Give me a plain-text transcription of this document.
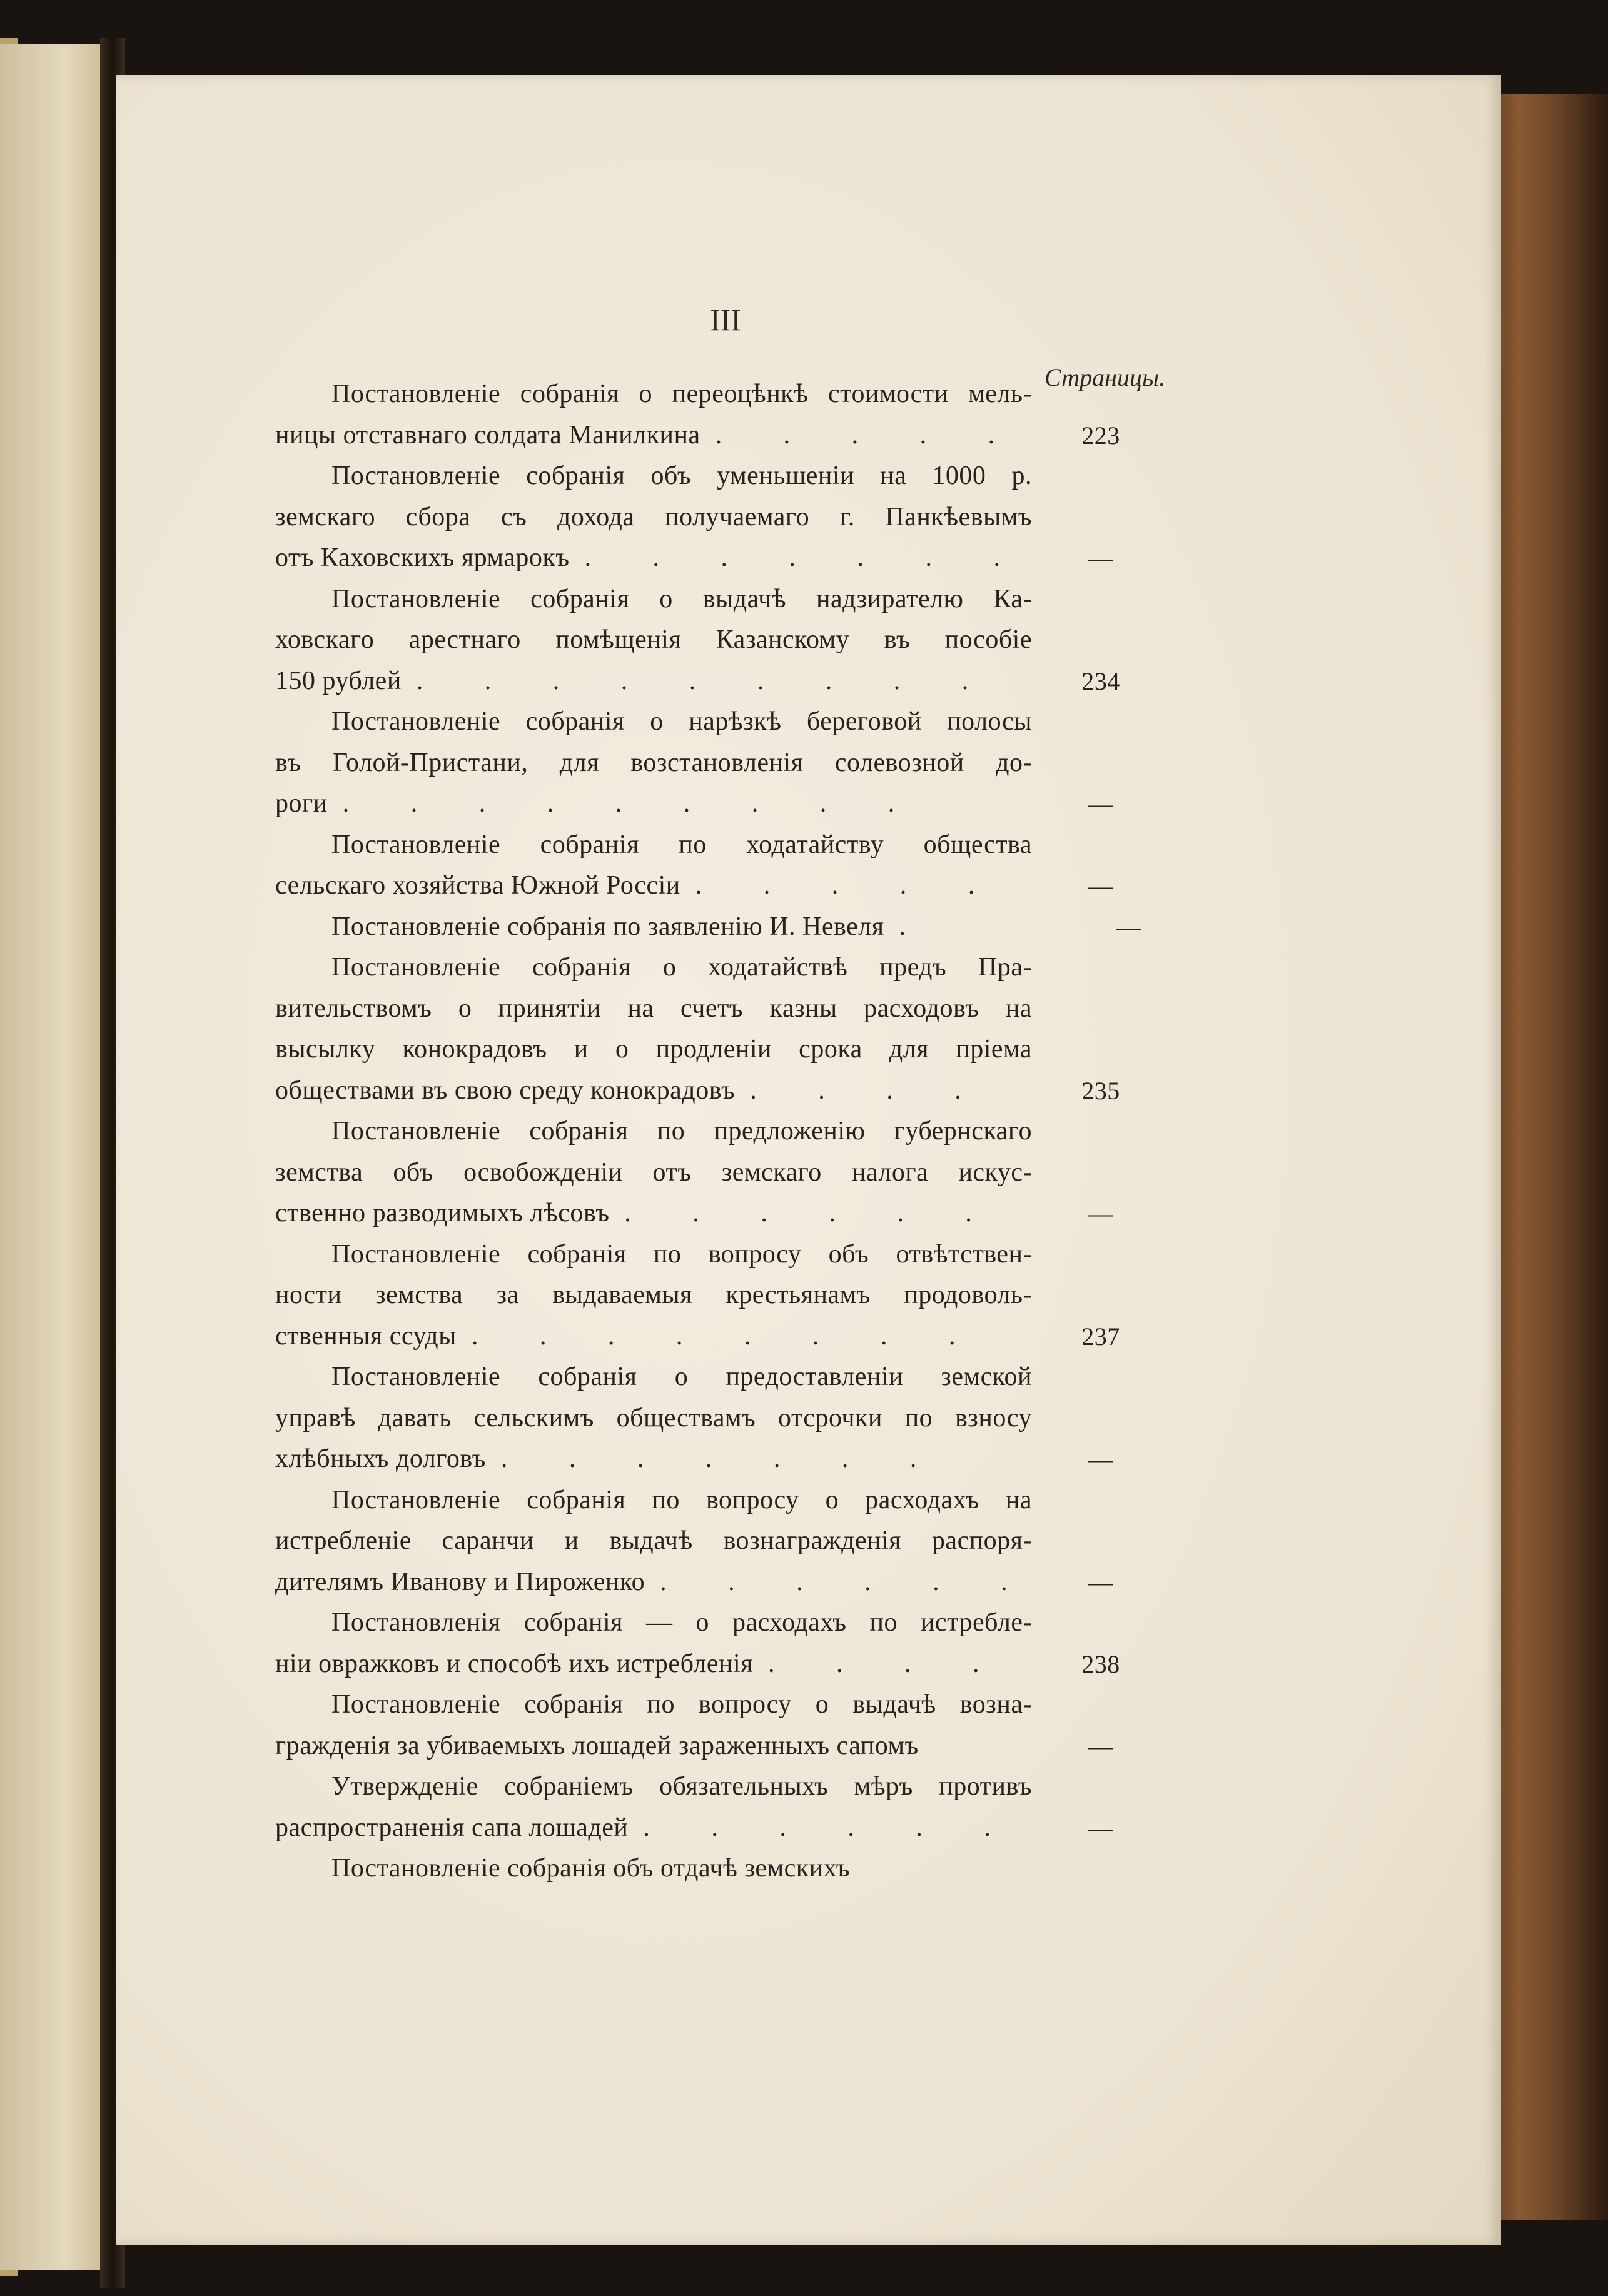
III
Страницы.
Постановленіе собранія о переоцѣнкѣ стоимости мель-
ницы отставнаго солдата Манилкина . . . . .	223
Постановленіе собранія объ уменьшеніи на 1000 р.
земскаго сбора съ дохода получаемаго г. Панкѣевымъ
отъ Каховскихъ ярмарокъ . . . . . . .	—
Постановленіе собранія о выдачѣ надзирателю Ка-
ховскаго арестнаго помѣщенія Казанскому въ пособіе
150 рублей . . . . . . . . .	234
Постановленіе собранія о нарѣзкѣ береговой полосы
въ Голой-Пристани, для возстановленія солевозной до-
роги . . . . . . . . .	—
Постановленіе собранія по ходатайству общества
сельскаго хозяйства Южной Россіи . . . . .	—
Постановленіе собранія по заявленію И. Невеля .	—
Постановленіе собранія о ходатайствѣ предъ Пра-
вительствомъ о принятіи на счетъ казны расходовъ на
высылку конокрадовъ и о продленіи срока для пріема
обществами въ свою среду конокрадовъ . . . .	235
Постановленіе собранія по предложенію губернскаго
земства объ освобожденіи отъ земскаго налога искус-
ственно разводимыхъ лѣсовъ . . . . . .	—
Постановленіе собранія по вопросу объ отвѣтствен-
ности земства за выдаваемыя крестьянамъ продоволь-
ственныя ссуды . . . . . . . .	237
Постановленіе собранія о предоставленіи земской
управѣ давать сельскимъ обществамъ отсрочки по взносу
хлѣбныхъ долговъ . . . . . . .	—
Постановленіе собранія по вопросу о расходахъ на
истребленіе саранчи и выдачѣ вознагражденія распоря-
дителямъ Иванову и Пироженко . . . . . .	—
Постановленія собранія — о расходахъ по истребле-
нiи овражковъ и способѣ ихъ истребленія . . . .	238
Постановленіе собранія по вопросу о выдачѣ возна-
гражденія за убиваемыхъ лошадей зараженныхъ сапомъ	—
Утвержденіе собраніемъ обязательныхъ мѣръ противъ
распространенія сапа лошадей . . . . . .	—
Постановленіе собранія объ отдачѣ земскихъ
